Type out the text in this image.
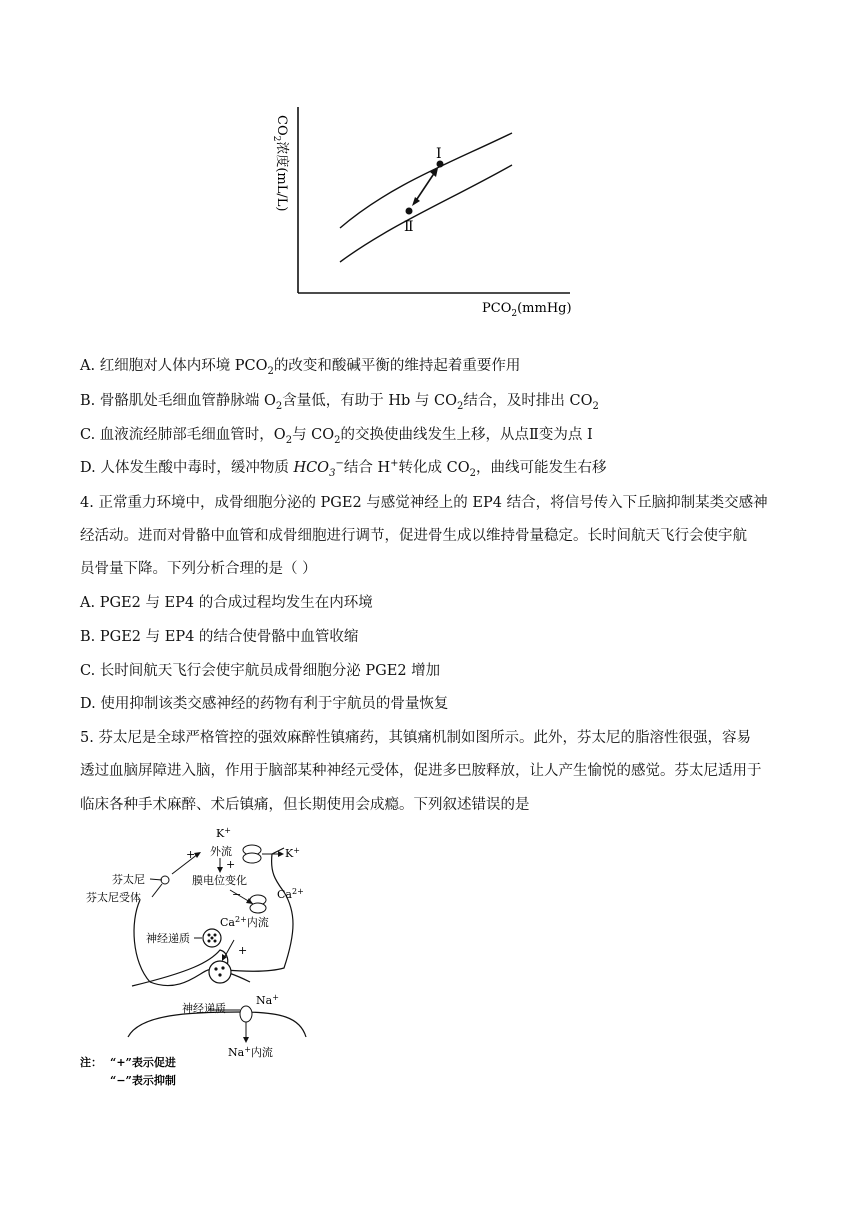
Ⅰ
Ⅱ
$CO_2$浓度(mL/L)
$PCO_2(mmHg)$
A. 红细胞对人体内环境 $PCO_2$的改变和酸碱平衡的维持起着重要作用
B. 骨骼肌处毛细血管静脉端 $O_2$含量低，有助于 Hb 与 $CO_2$结合，及时排出 $CO_2$
C. 血液流经肺部毛细血管时，$O_2$与 $CO_2$的交换使曲线发生上移，从点Ⅱ变为点 Ⅰ
D. 人体发生酸中毒时，缓冲物质 $HCO_3^-$结合 H+转化成 $CO_2$，曲线可能发生右移
4. 正常重力环境中，成骨细胞分泌的 PGE2 与感觉神经上的 EP4 结合，将信号传入下丘脑抑制某类交感神
经活动。进而对骨骼中血管和成骨细胞进行调节，促进骨生成以维持骨量稳定。长时间航天飞行会使宇航
员骨量下降。下列分析合理的是（ ）
A. PGE2 与 EP4 的合成过程均发生在内环境
B. PGE2 与 EP4 的结合使骨骼中血管收缩
C. 长时间航天飞行会使宇航员成骨细胞分泌 PGE2 增加
D. 使用抑制该类交感神经的药物有利于宇航员的骨量恢复
5. 芬太尼是全球严格管控的强效麻醉性镇痛药，其镇痛机制如图所示。此外，芬太尼的脂溶性很强，容易
透过血脑屏障进入脑，作用于脑部某种神经元受体，促进多巴胺释放，让人产生愉悦的感觉。芬太尼适用于
临床各种手术麻醉、术后镇痛，但长期使用会成瘾。下列叙述错误的是
K+
外流	K+
+
+
芬太尼
芬太尼受体
膜电位变化
−	$Ca^{2+}$
$Ca^{2+}$内流
神经递质
+
神经递质
Na+
Na+内流
注： “+”表示促进
“−”表示抑制
